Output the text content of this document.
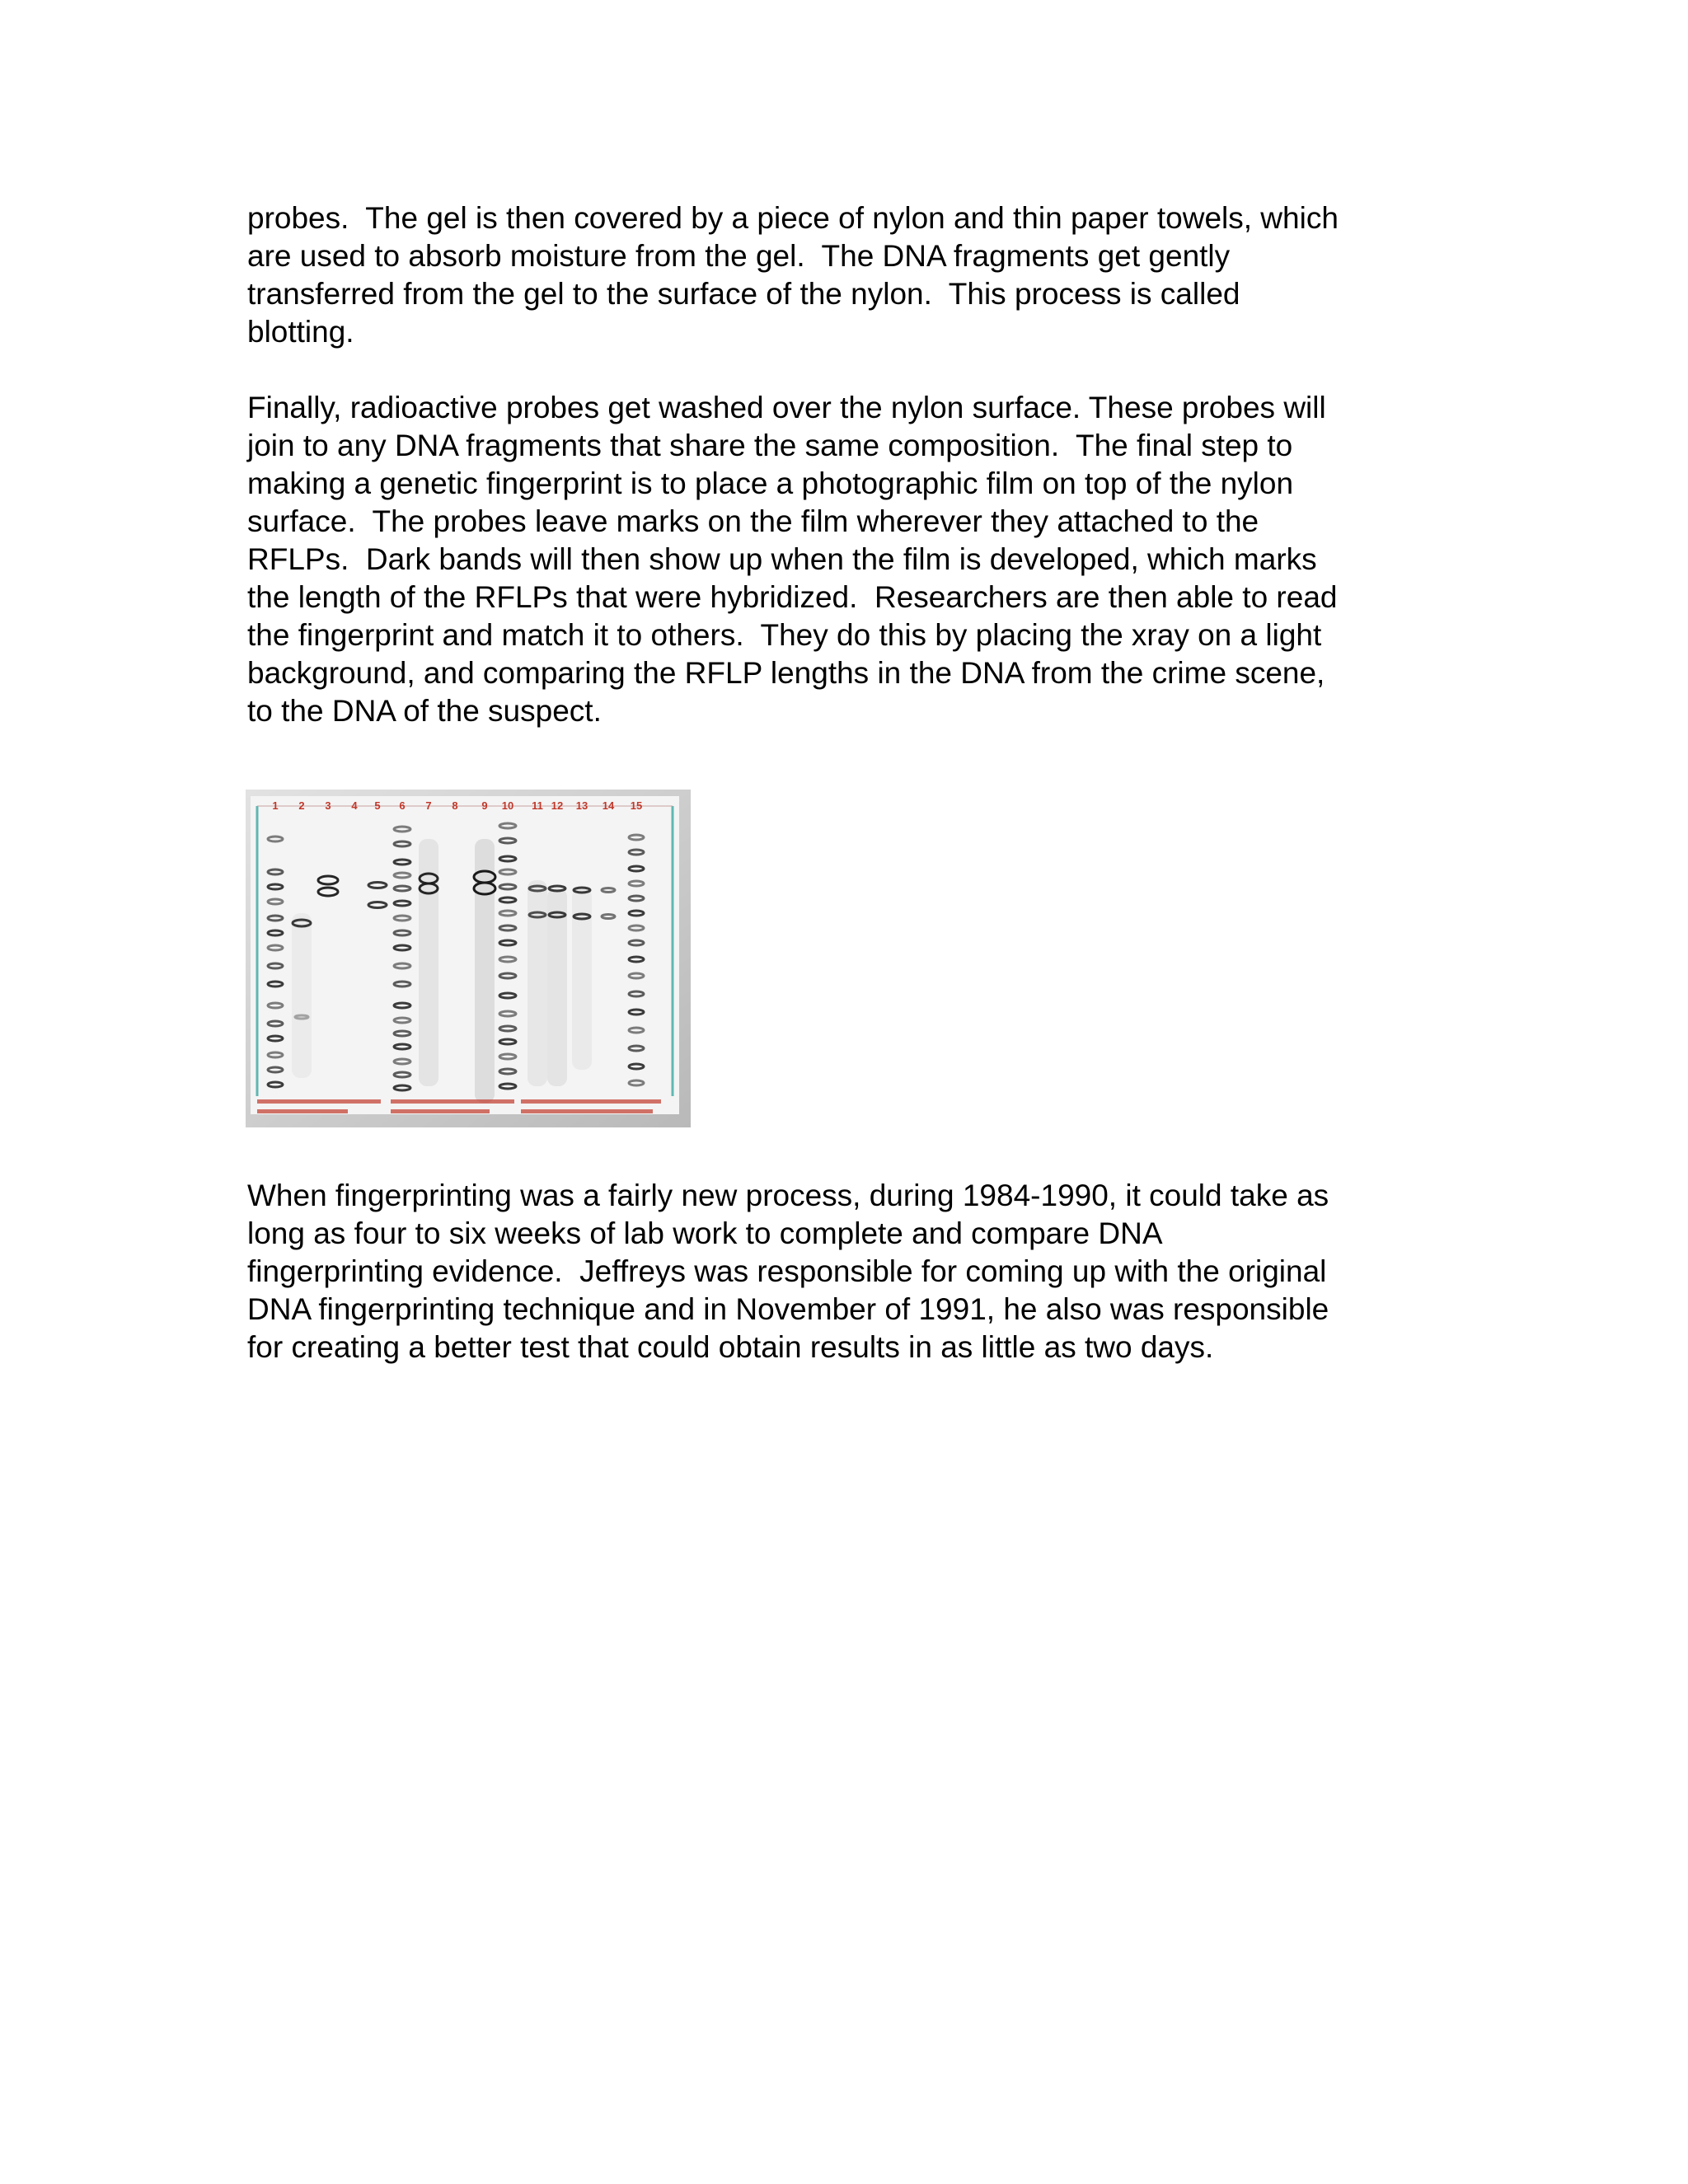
probes.  The gel is then covered by a piece of nylon and thin paper towels, which
are used to absorb moisture from the gel.  The DNA fragments get gently
transferred from the gel to the surface of the nylon.  This process is called
blotting.

Finally, radioactive probes get washed over the nylon surface. These probes will
join to any DNA fragments that share the same composition.  The final step to
making a genetic fingerprint is to place a photographic film on top of the nylon
surface.  The probes leave marks on the film wherever they attached to the
RFLPs.  Dark bands will then show up when the film is developed, which marks
the length of the RFLPs that were hybridized.  Researchers are then able to read
the fingerprint and match it to others.  They do this by placing the xray on a light
background, and comparing the RFLP lengths in the DNA from the crime scene,
to the DNA of the suspect.

1 2 3 4 5 6 7 8 9 10 11 12 13 14 15

When fingerprinting was a fairly new process, during 1984-1990, it could take as
long as four to six weeks of lab work to complete and compare DNA
fingerprinting evidence.  Jeffreys was responsible for coming up with the original
DNA fingerprinting technique and in November of 1991, he also was responsible
for creating a better test that could obtain results in as little as two days.
